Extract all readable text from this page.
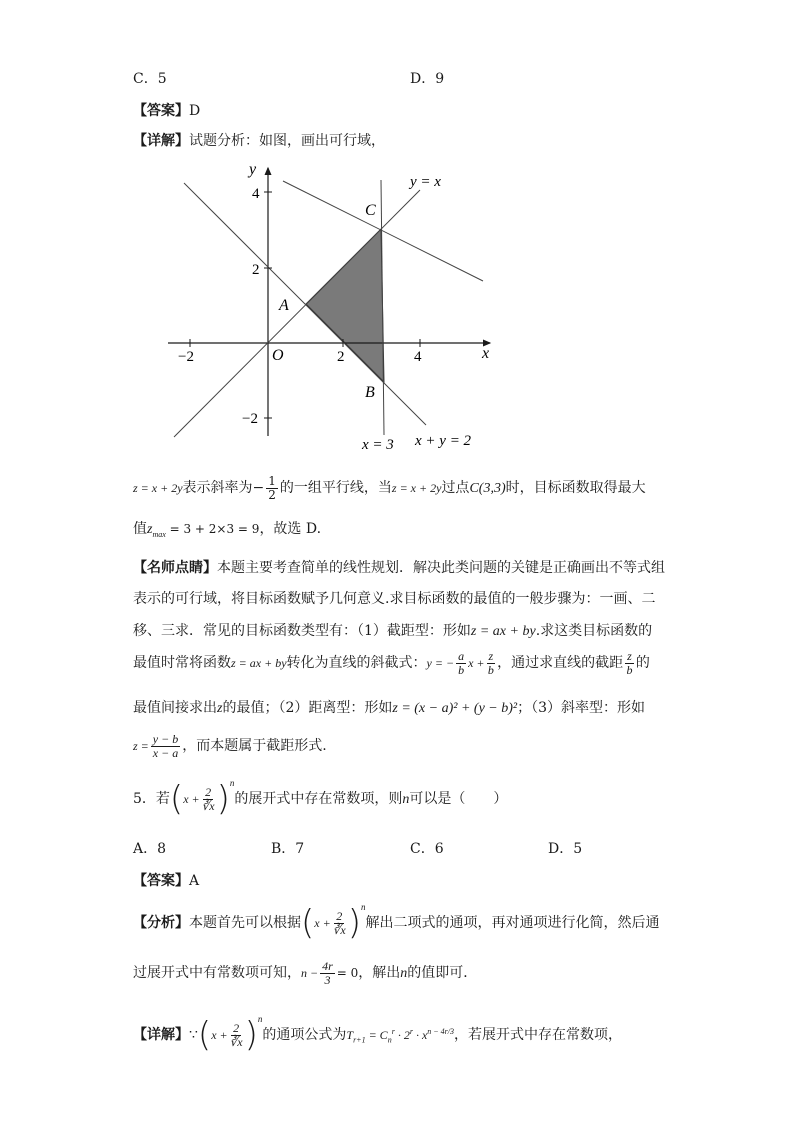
C．5	D．9
【答案】D
【详解】试题分析：如图，画出可行域，
−2	2	4
4
2
−2
x
y
O
A
B
C
y = x
x = 3 x + y = 2
z = x + 2y表示斜率为− $\frac{1}{2}$ 的一组平行线，当z = x + 2y过点C(3,3)时，目标函数取得最大
值$z_{max} = 3 + 2\times 3 = 9$，故选 D.
【名师点睛】本题主要考查简单的线性规划．解决此类问题的关键是正确画出不等式组
表示的可行域，将目标函数赋予几何意义.求目标函数的最值的一般步骤为：一画、二
移、三求．常见的目标函数类型有：（1）截距型：形如z = ax + by.求这类目标函数的
最值时常将函数z = ax + by转化为直线的斜截式：y = − $\frac{a}{b}$ $x + \frac{z}{b}$ ，通过求直线的截距 $\frac{z}{b}$ 的
最值间接求出z的最值；（2）距离型：形如z = (x − a)² + (y − b)²；（3）斜率型：形如
$z = \frac{y - b}{x - a}$ ，而本题属于截距形式.
5．若$(x + \frac{2}{∛x} )^n$的展开式中存在常数项，则n可以是（　　）
A．8	B．7	C．6	D．5
【答案】A
【分析】本题首先可以根据$(x + \frac{2}{∛x} )^n$解出二项式的通项，再对通项进行化简，然后通
过展开式中有常数项可知，$n - \frac{4r}{3} = 0$，解出n的值即可．
【详解】∵(x + $\frac{2}{∛x} )^n$的通项公式为$T_{r+1} = C_n^r \cdot 2^r \cdot x^{n - 4r/3}$，若展开式中存在常数项，
